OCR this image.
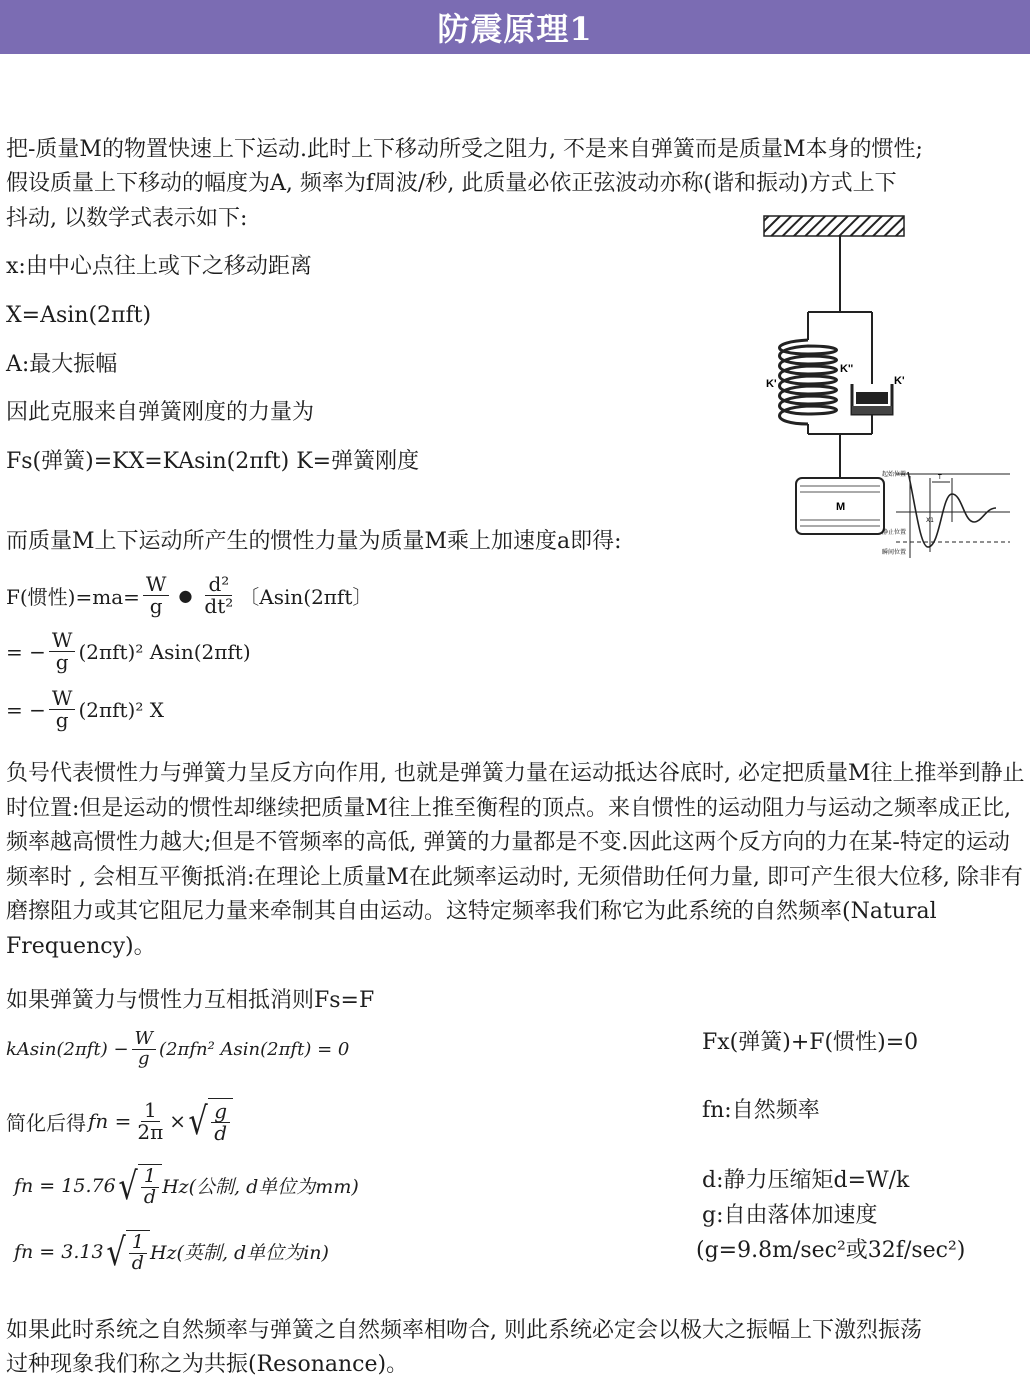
防震原理1
把-质量M的物置快速上下运动.此时上下移动所受之阻力, 不是来自弹簧而是质量M本身的惯性;
假设质量上下移动的幅度为A, 频率为f周波/秒, 此质量必依正弦波动亦称(谐和振动)方式上下
抖动, 以数学式表示如下:
x:由中心点往上或下之移动距离
X=Asin(2πft)
A:最大振幅
因此克服来自弹簧刚度的力量为
Fs(弹簧)=KX=KAsin(2πft) K=弹簧刚度
而质量M上下运动所产生的惯性力量为质量M乘上加速度a即得:
F(惯性)$=ma= \frac{W}{g}$ ● $\frac{\text{d²}}{\text{dt²}}$ 〔Asin(2πft〕
= − $\frac{W}{g} (2\pi ft)^2$ Asin(2πft)
= − $\frac{W}{g} (2\pi ft)^2$ X
负号代表惯性力与弹簧力呈反方向作用, 也就是弹簧力量在运动抵达谷底时, 必定把质量M往上推举到静止时位置:但是运动的惯性却继续把质量M往上推至衡程的顶点。来自惯性的运动阻力与运动之频率成正比, 频率越高惯性力越大;但是不管频率的高低, 弹簧的力量都是不变.因此这两个反方向的力在某-特定的运动频率时 , 会相互平衡抵消:在理论上质量M在此频率运动时, 无须借助任何力量, 即可产生很大位移, 除非有磨擦阻力或其它阻尼力量来牵制其自由运动。这特定频率我们称它为此系统的自然频率(Natural Frequency)。
如果弹簧力与惯性力互相抵消则Fs=F
$kAsin(2\pi ft) - \frac{W}{g} (2\pi fn^2$ Asin(2πft) = 0
简化后得 fn = $\frac{1}{2\pi}$ × √ $\frac{g}{d}$
fn = 15.76 √ $\frac{1}{d} Hz$(公制, d单位为mm)
fn = 3.13 √ $\frac{1}{d} Hz$(英制, d单位为in)
Fx(弹簧)+F(惯性)=0
fn:自然频率
d:静力压缩矩d=W/k
g:自由落体加速度
(g=9.8m/sec²或32f/sec²)
如果此时系统之自然频率与弹簧之自然频率相吻合, 则此系统必定会以极大之振幅上下激烈振荡
过种现象我们称之为共振(Resonance)。
K'
K''
K'
M
起始位置
静止位置
瞬间位置
T
X1
